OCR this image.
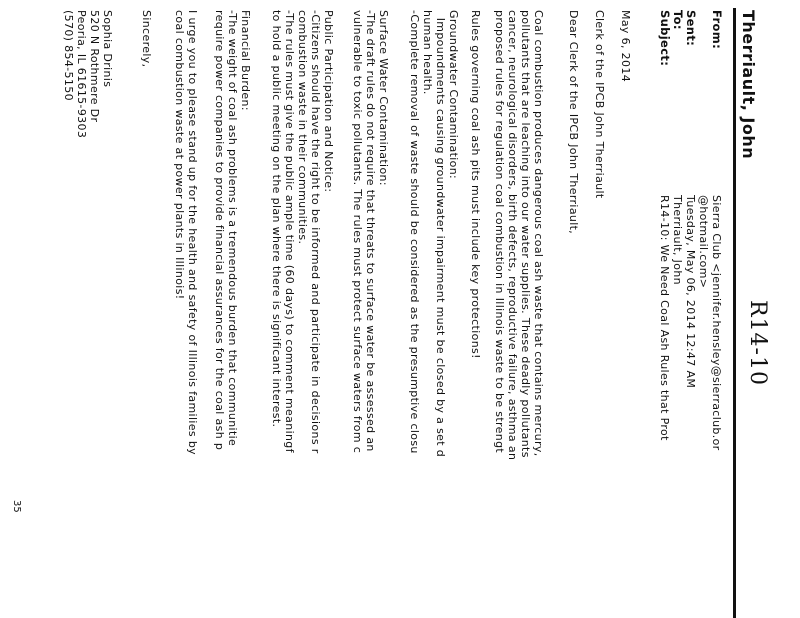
R14-10
Therriault, John
From:
Sierra Club <jennifer.hensley@sierraclub.or
@hotmail.com>
Sent:
Tuesday, May 06, 2014 12:47 AM
To:
Therriault, John
Subject:
R14-10: We Need Coal Ash Rules that Prot
May 6, 2014
Clerk of the IPCB John Therriault
Dear Clerk of the IPCB John Therriault,
Coal combustion produces dangerous coal ash waste that contains mercury,
pollutants that are leaching into our water supplies. These deadly pollutants
cancer, neurological disorders, birth defects, reproductive failure, asthma an
proposed rules for regulation coal combustion in Illinois waste to be strengt
Rules governing coal ash pits must include key protections!
Groundwater Contamination:
Impoundments causing groundwater impairment must be closed by a set d
human health.
-Complete removal of waste should be considered as the presumptive closu
Surface Water Contamination:
-The draft rules do not require that threats to surface water be assessed an
vulnerable to toxic pollutants. The rules must protect surface waters from c
Public Participation and Notice:
-Citizens should have the right to be informed and participate in decisions r
combustion waste in their communities.
-The rules must give the public ample time (60 days) to comment meaningf
to hold a public meeting on the plan where there is significant interest.
Financial Burden:
-The weight of coal ash problems is a tremendous burden that communitie
require power companies to provide financial assurances for the coal ash p
I urge you to please stand up for the health and safety of Illinois families by
coal combustion waste at power plants in Illinois!
Sincerely,
Sophia Drinis
520 N Rothmere Dr
Peoria, IL 61615-9303
(570) 854-5150
35
